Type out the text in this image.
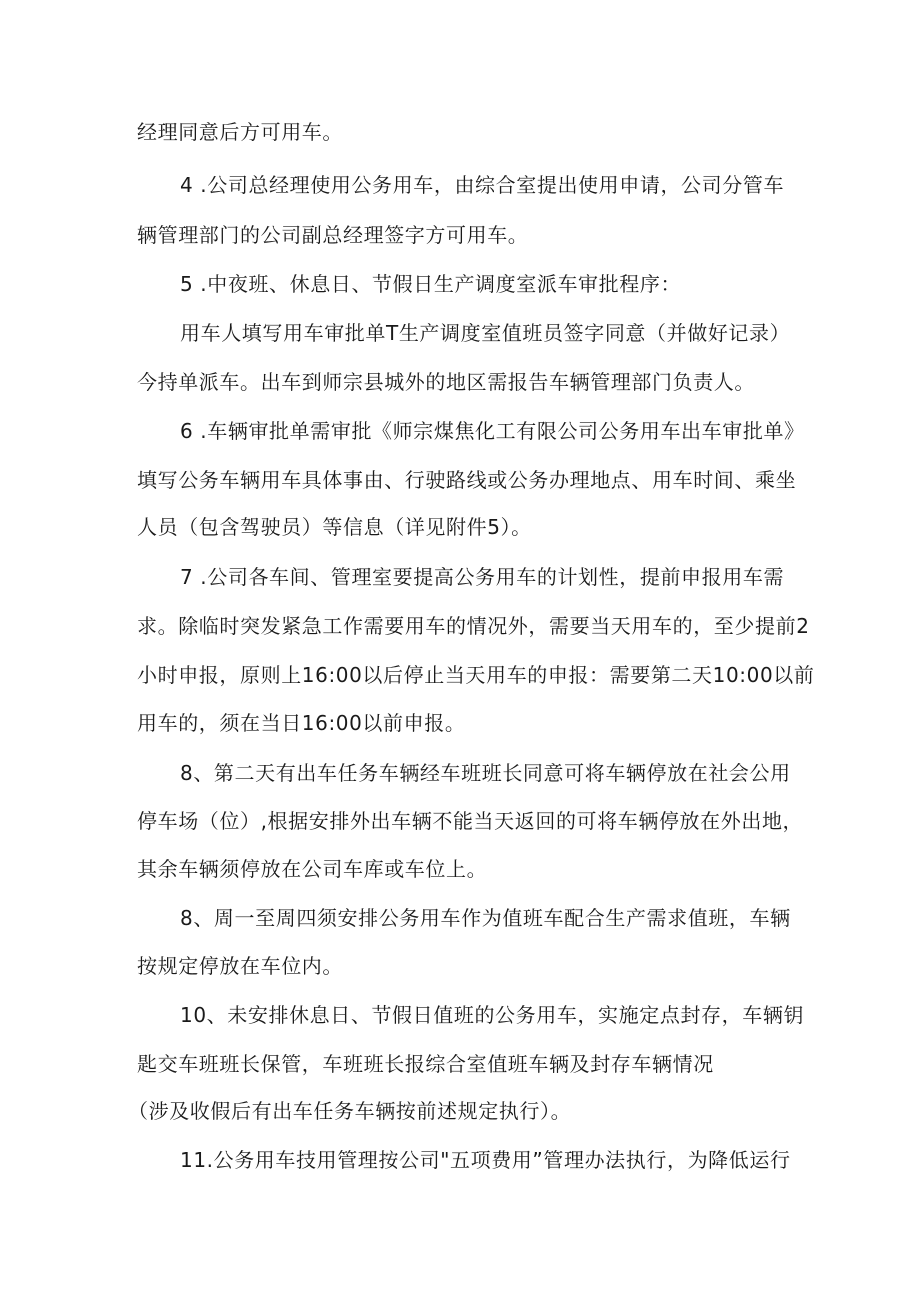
经理同意后方可用车。
4 .公司总经理使用公务用车，由综合室提出使用申请，公司分管车
辆管理部门的公司副总经理签字方可用车。
5 .中夜班、休息日、节假日生产调度室派车审批程序：
用车人填写用车审批单T生产调度室值班员签字同意（并做好记录）
今持单派车。出车到师宗县城外的地区需报告车辆管理部门负责人。
6 .车辆审批单需审批《师宗煤焦化工有限公司公务用车出车审批单》
填写公务车辆用车具体事由、行驶路线或公务办理地点、用车时间、乘坐
人员（包含驾驶员）等信息（详见附件5）。
7 .公司各车间、管理室要提高公务用车的计划性，提前申报用车需
求。除临时突发紧急工作需要用车的情况外，需要当天用车的，至少提前2
小时申报，原则上16:00以后停止当天用车的申报：需要第二天10:00以前
用车的，须在当日16:00以前申报。
8、第二天有出车任务车辆经车班班长同意可将车辆停放在社会公用
停车场（位）,根据安排外出车辆不能当天返回的可将车辆停放在外出地，
其余车辆须停放在公司车库或车位上。
8、周一至周四须安排公务用车作为值班车配合生产需求值班，车辆
按规定停放在车位内。
10、未安排休息日、节假日值班的公务用车，实施定点封存，车辆钥
匙交车班班长保管，车班班长报综合室值班车辆及封存车辆情况
（涉及收假后有出车任务车辆按前述规定执行）。
11.公务用车技用管理按公司"五项费用”管理办法执行，为降低运行
